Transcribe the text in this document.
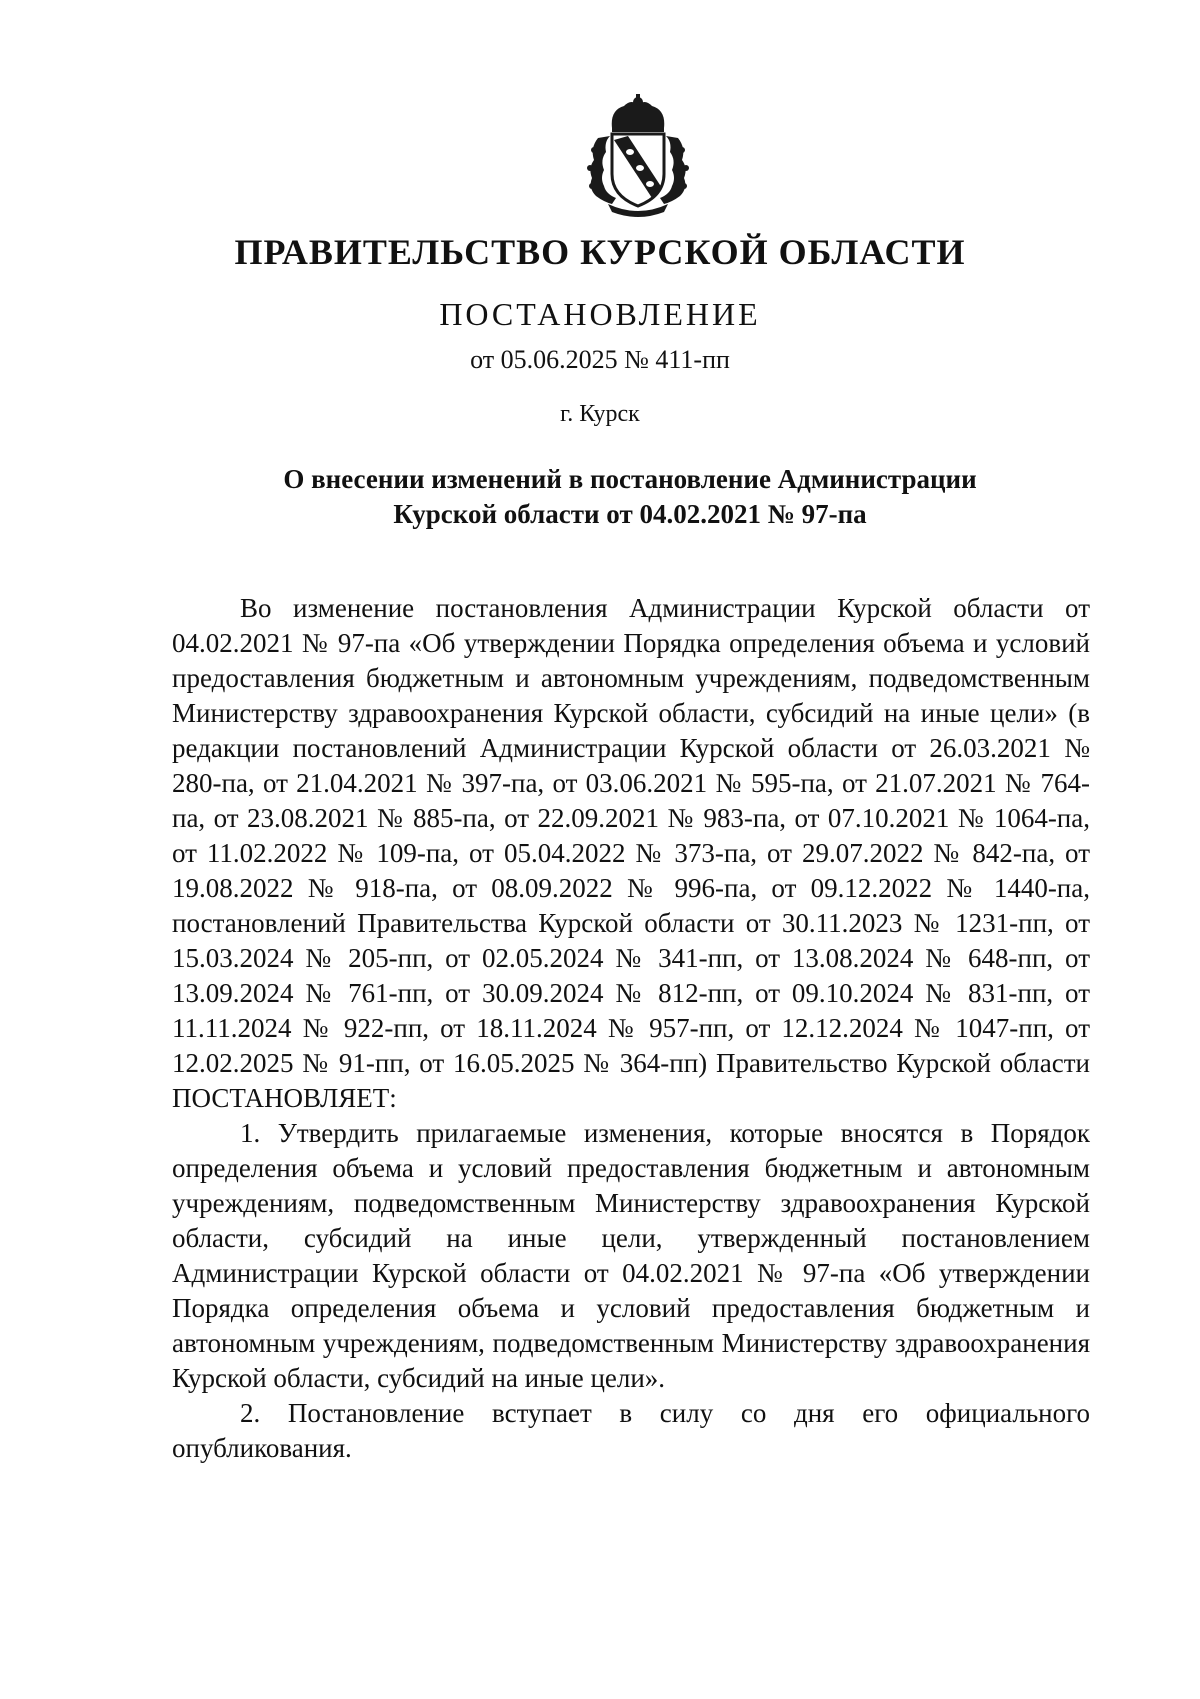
ПРАВИТЕЛЬСТВО КУРСКОЙ ОБЛАСТИ
ПОСТАНОВЛЕНИЕ
от 05.06.2025 № 411-пп
г. Курск
О внесении изменений в постановление Администрации
Курской области от 04.02.2021 № 97-па

Во изменение постановления Администрации Курской области от 04.02.2021 № 97-па «Об утверждении Порядка определения объема и условий предоставления бюджетным и автономным учреждениям, подведомственным Министерству здравоохранения Курской области, субсидий на иные цели» (в редакции постановлений Администрации Курской области от 26.03.2021 № 280-па, от 21.04.2021 № 397-па, от 03.06.2021 № 595-па, от 21.07.2021 № 764-па, от 23.08.2021 № 885-па, от 22.09.2021 № 983-па, от 07.10.2021 № 1064-па, от 11.02.2022 № 109-па, от 05.04.2022 № 373-па, от 29.07.2022 № 842-па, от 19.08.2022 № 918-па, от 08.09.2022 № 996-па, от 09.12.2022 № 1440-па, постановлений Правительства Курской области от 30.11.2023 № 1231-пп, от 15.03.2024 № 205-пп, от 02.05.2024 № 341-пп, от 13.08.2024 № 648-пп, от 13.09.2024 № 761-пп, от 30.09.2024 № 812-пп, от 09.10.2024 № 831-пп, от 11.11.2024 № 922-пп, от 18.11.2024 № 957-пп, от 12.12.2024 № 1047-пп, от 12.02.2025 № 91-пп, от 16.05.2025 № 364-пп) Правительство Курской области ПОСТАНОВЛЯЕТ:

1. Утвердить прилагаемые изменения, которые вносятся в Порядок определения объема и условий предоставления бюджетным и автономным учреждениям, подведомственным Министерству здравоохранения Курской области, субсидий на иные цели, утвержденный постановлением Администрации Курской области от 04.02.2021 № 97-па «Об утверждении Порядка определения объема и условий предоставления бюджетным и автономным учреждениям, подведомственным Министерству здравоохранения Курской области, субсидий на иные цели».

2. Постановление вступает в силу со дня его официального опубликования.
